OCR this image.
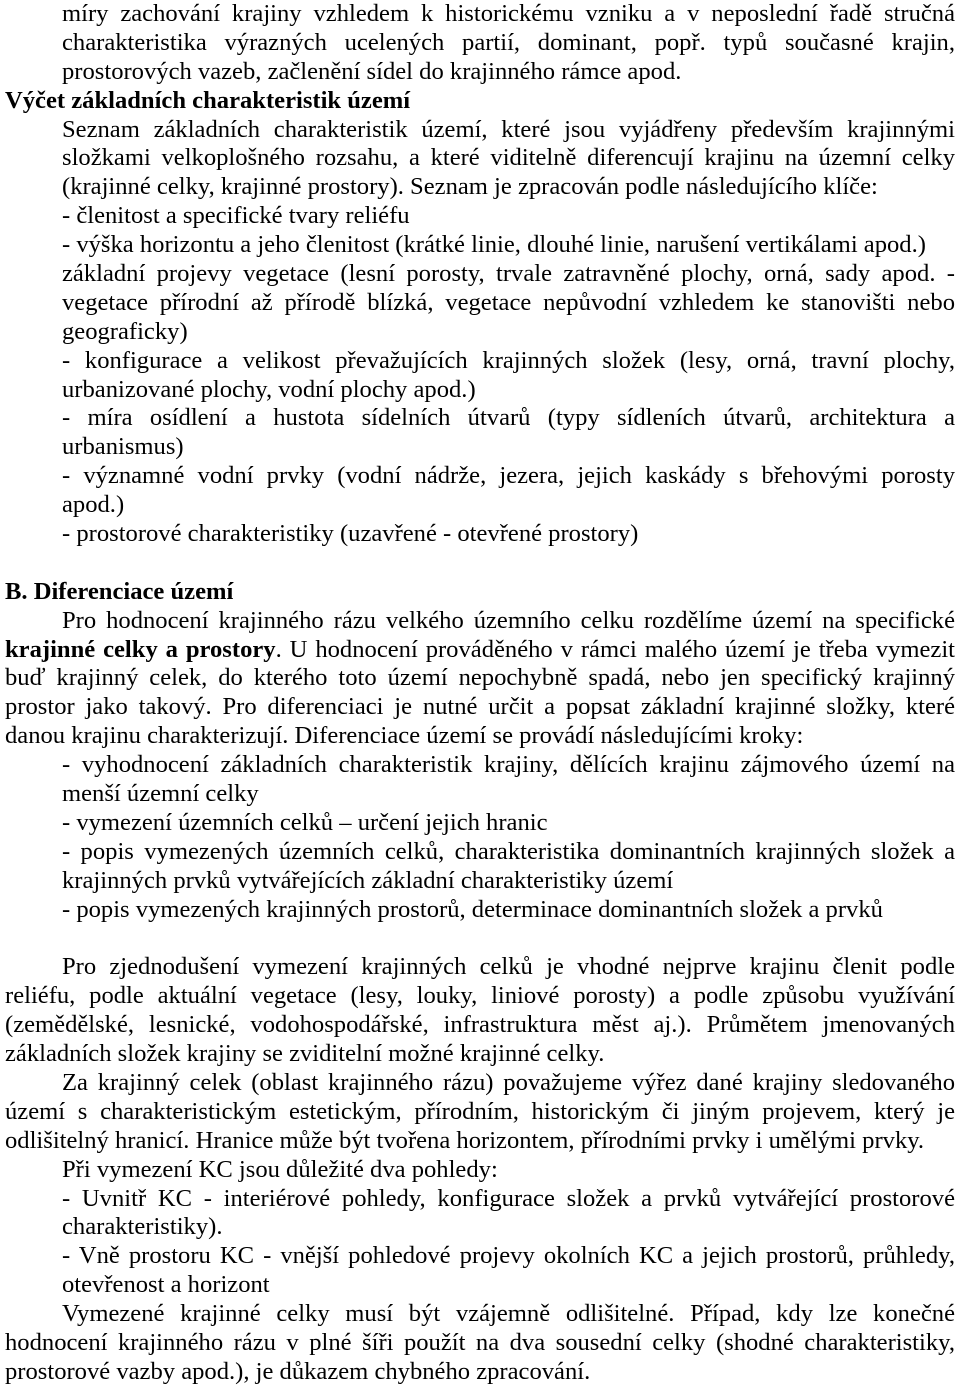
míry zachování krajiny vzhledem k historickému vzniku a v neposlední řadě stručná
charakteristika výrazných ucelených partií, dominant, popř. typů současné krajin,
prostorových vazeb, začlenění sídel do krajinného rámce apod.
Výčet základních charakteristik území
Seznam základních charakteristik území, které jsou vyjádřeny především krajinnými
složkami velkoplošného rozsahu, a které viditelně diferencují krajinu na územní celky
(krajinné celky, krajinné prostory). Seznam je zpracován podle následujícího klíče:
- členitost a specifické tvary reliéfu
- výška horizontu a jeho členitost (krátké linie, dlouhé linie, narušení vertikálami apod.)
základní projevy vegetace (lesní porosty, trvale zatravněné plochy, orná, sady apod. -
vegetace přírodní až přírodě blízká, vegetace nepůvodní vzhledem ke stanovišti nebo
geograficky)
- konfigurace a velikost převažujících krajinných složek (lesy, orná, travní plochy,
urbanizované plochy, vodní plochy apod.)
- míra osídlení a hustota sídelních útvarů (typy sídleních útvarů, architektura a
urbanismus)
- významné vodní prvky (vodní nádrže, jezera, jejich kaskády s břehovými porosty
apod.)
- prostorové charakteristiky (uzavřené - otevřené prostory)
B. Diferenciace území
Pro hodnocení krajinného rázu velkého územního celku rozdělíme území na specifické
krajinné celky a prostory. U hodnocení prováděného v rámci malého území je třeba vymezit
buď krajinný celek, do kterého toto území nepochybně spadá, nebo jen specifický krajinný
prostor jako takový. Pro diferenciaci je nutné určit a popsat základní krajinné složky, které
danou krajinu charakterizují. Diferenciace území se provádí následujícími kroky:
- vyhodnocení základních charakteristik krajiny, dělících krajinu zájmového území na
menší územní celky
- vymezení územních celků – určení jejich hranic
- popis vymezených územních celků, charakteristika dominantních krajinných složek a
krajinných prvků vytvářejících základní charakteristiky území
- popis vymezených krajinných prostorů, determinace dominantních složek a prvků
Pro zjednodušení vymezení krajinných celků je vhodné nejprve krajinu členit podle
reliéfu, podle aktuální vegetace (lesy, louky, liniové porosty) a podle způsobu využívání
(zemědělské, lesnické, vodohospodářské, infrastruktura měst aj.). Průmětem jmenovaných
základních složek krajiny se zviditelní možné krajinné celky.
Za krajinný celek (oblast krajinného rázu) považujeme výřez dané krajiny sledovaného
území s charakteristickým estetickým, přírodním, historickým či jiným projevem, který je
odlišitelný hranicí. Hranice může být tvořena horizontem, přírodními prvky i umělými prvky.
Při vymezení KC jsou důležité dva pohledy:
- Uvnitř KC - interiérové pohledy, konfigurace složek a prvků vytvářející prostorové
charakteristiky).
- Vně prostoru KC - vnější pohledové projevy okolních KC a jejich prostorů, průhledy,
otevřenost a horizont
Vymezené krajinné celky musí být vzájemně odlišitelné. Případ, kdy lze konečné
hodnocení krajinného rázu v plné šíři použít na dva sousední celky (shodné charakteristiky,
prostorové vazby apod.), je důkazem chybného zpracování.
